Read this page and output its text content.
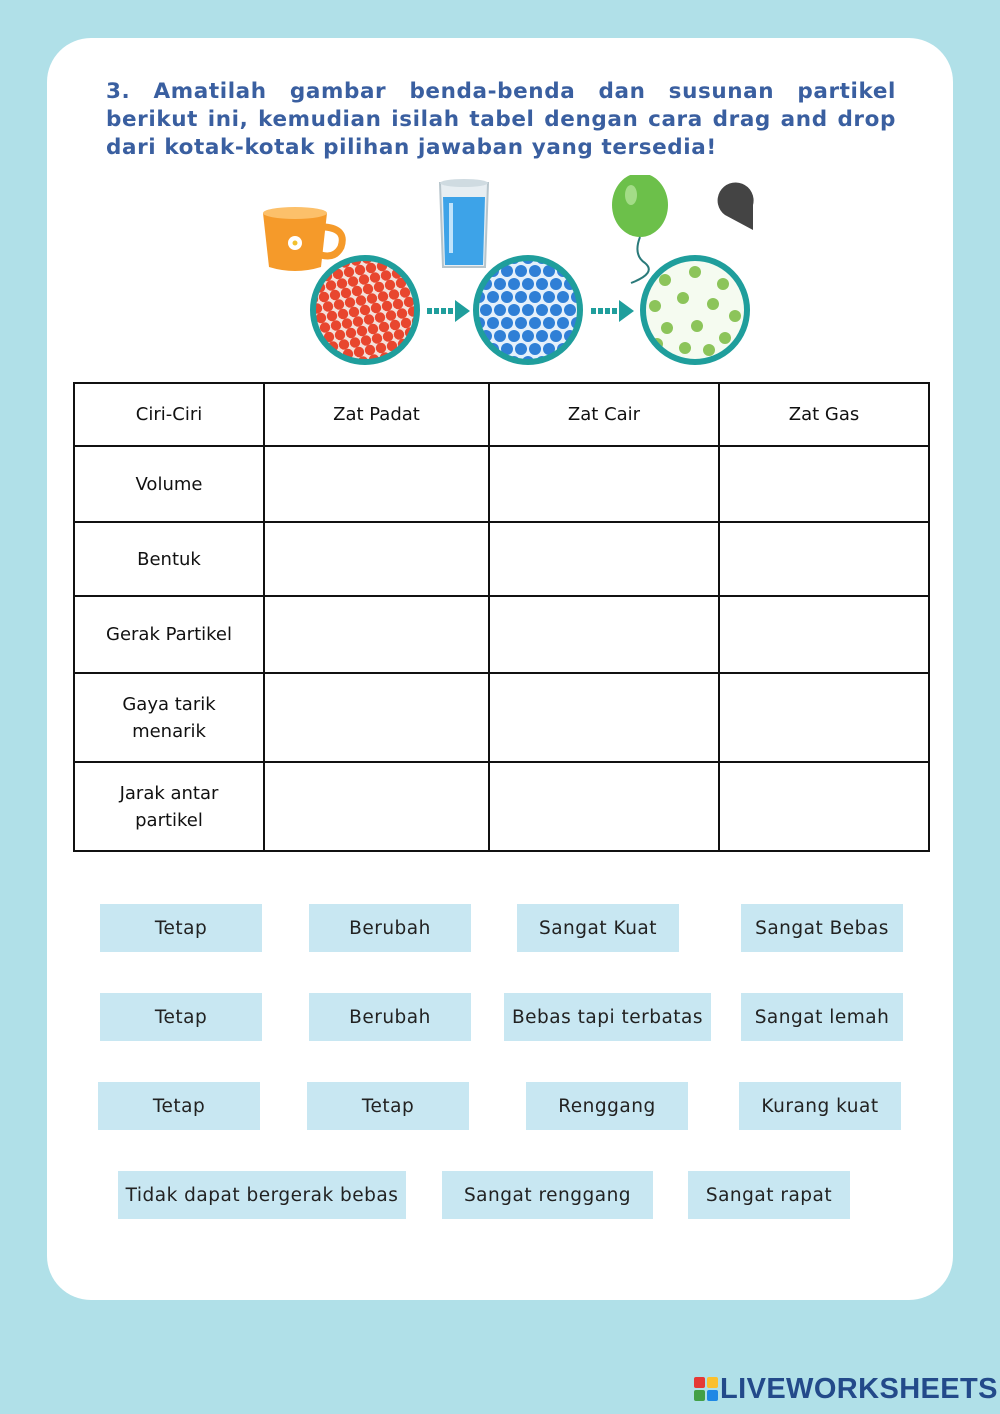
3. Amatilah gambar benda-benda dan susunan partikel berikut ini, kemudian isilah tabel dengan cara drag and drop dari kotak-kotak pilihan jawaban yang tersedia!

Ciri-Ciri	Zat Padat	Zat Cair	Zat Gas
Volume			
Bentuk			
Gerak Partikel			
Gaya tarik menarik			
Jarak antar partikel			
Tetap	Berubah	Sangat Kuat	Sangat Bebas
Tetap	Berubah	Bebas tapi terbatas	Sangat lemah
Tetap	Tetap	Renggang	Kurang kuat
Tidak dapat bergerak bebas	Sangat renggang	Sangat rapat
LIVEWORKSHEETS
